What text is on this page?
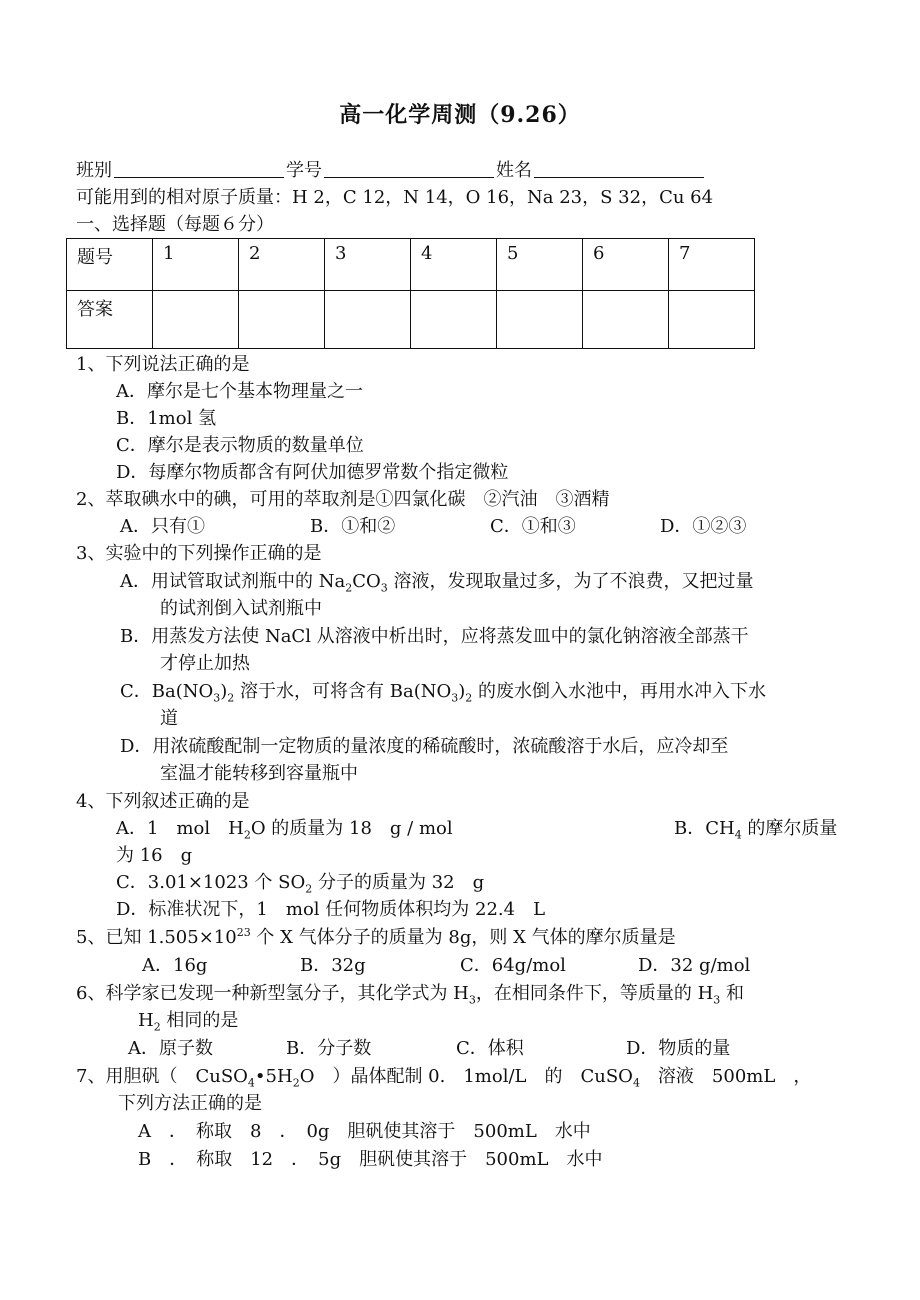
高一化学周测（9.26）
班别	学号	姓名
可能用到的相对原子质量：H 2，C 12，N 14，O 16，Na 23，S 32，Cu 64
一、选择题（每题６分）
题号	1	2	3	4	5	6	7
答案							
1、下列说法正确的是
A．摩尔是七个基本物理量之一
B．1mol 氢
C．摩尔是表示物质的数量单位
D．每摩尔物质都含有阿伏加德罗常数个指定微粒
2、萃取碘水中的碘，可用的萃取剂是①四氯化碳　②汽油　③酒精
A．只有①	B．①和②	C．①和③	D．①②③
3、实验中的下列操作正确的是
A．用试管取试剂瓶中的 $Na_2CO_3$ 溶液，发现取量过多，为了不浪费，又把过量
的试剂倒入试剂瓶中
B．用蒸发方法使 NaCl 从溶液中析出时，应将蒸发皿中的氯化钠溶液全部蒸干
才停止加热
C．$Ba(NO_3)_2$ 溶于水，可将含有 $Ba(NO_3)_2$ 的废水倒入水池中，再用水冲入下水
道
D．用浓硫酸配制一定物质的量浓度的稀硫酸时，浓硫酸溶于水后，应冷却至
室温才能转移到容量瓶中
4、下列叙述正确的是
A．1　mol　$H_2O$ 的质量为 18　g / mol	B．$CH_4$ 的摩尔质量
为 16　g
C．3.01×1023 个 $SO_2$ 分子的质量为 32　g
D．标准状况下，1　mol 任何物质体积均为 22.4　L
5、已知 $1.505\times 10^{23}$ 个 X 气体分子的质量为 8g，则 X 气体的摩尔质量是
A．16g	B．32g	C．64g/mol	D．32 g/mol
6、科学家已发现一种新型氢分子，其化学式为 $H_3$，在相同条件下，等质量的 $H_3$ 和
$H_2$ 相同的是
A．原子数	B．分子数	C．体积	D．物质的量
7、用胆矾（　$CuSO_4•5H_2O$　）晶体配制 0.　1mol/L　的　CuSO$_4$　溶液　500mL　，
下列方法正确的是
A　．　称取　8　．　0g　胆矾使其溶于　500mL　水中
B　．　称取　12　．　5g　胆矾使其溶于　500mL　水中
